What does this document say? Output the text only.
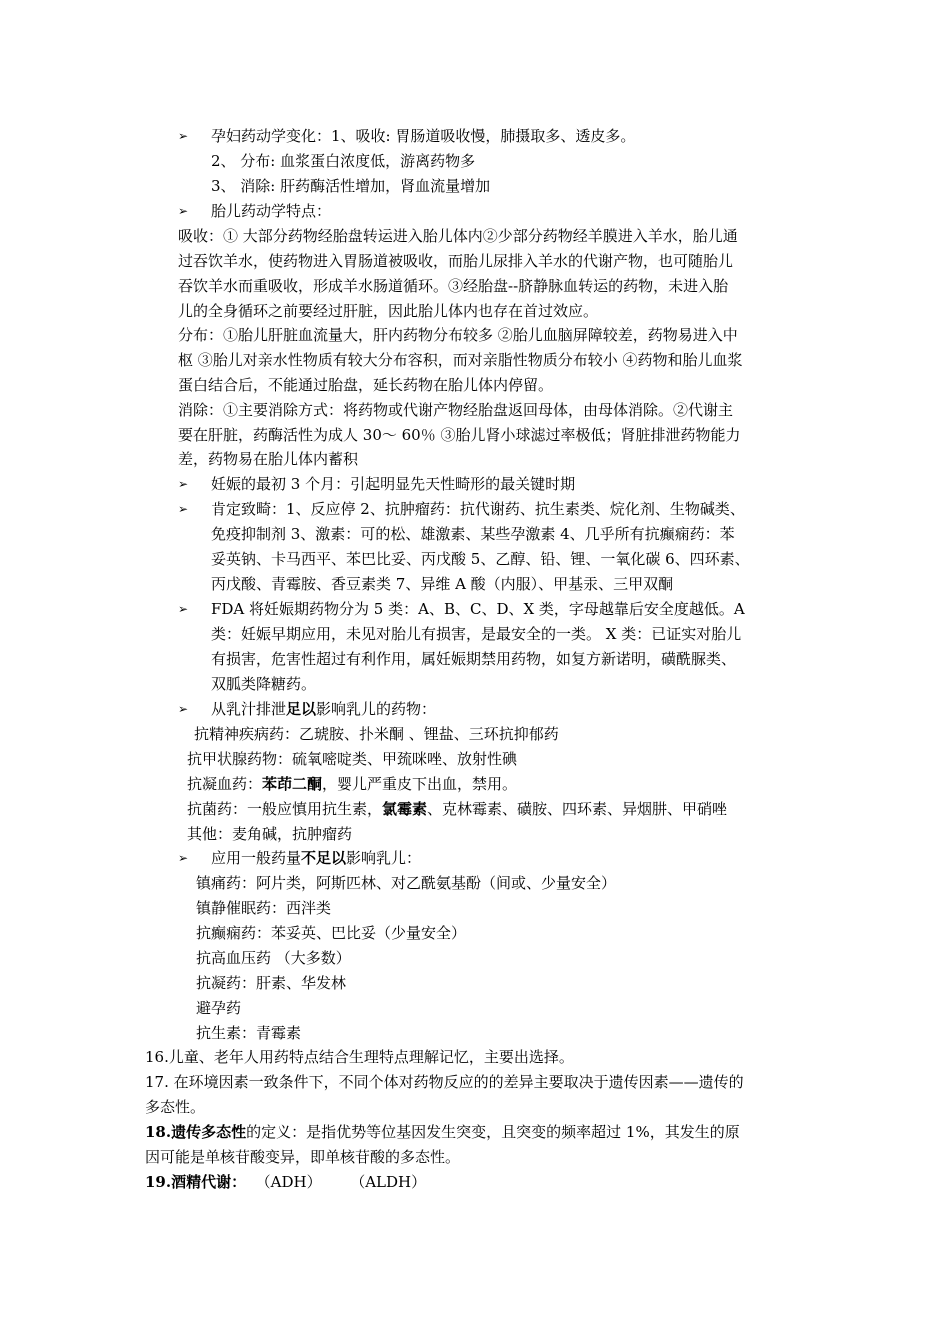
➢
➢
➢
➢
➢
➢
➢
孕妇药动学变化：1、吸收: 胃肠道吸收慢，肺摄取多、透皮多。
2、 分布: 血浆蛋白浓度低，游离药物多
3、 消除: 肝药酶活性增加，肾血流量增加
胎儿药动学特点：
吸收：① 大部分药物经胎盘转运进入胎儿体内②少部分药物经羊膜进入羊水，胎儿通
过吞饮羊水，使药物进入胃肠道被吸收，而胎儿尿排入羊水的代谢产物，也可随胎儿
吞饮羊水而重吸收，形成羊水肠道循环。③经胎盘--脐静脉血转运的药物，未进入胎
儿的全身循环之前要经过肝脏，因此胎儿体内也存在首过效应。
分布：①胎儿肝脏血流量大，肝内药物分布较多 ②胎儿血脑屏障较差，药物易进入中
枢 ③胎儿对亲水性物质有较大分布容积，而对亲脂性物质分布较小 ④药物和胎儿血浆
蛋白结合后，不能通过胎盘，延长药物在胎儿体内停留。
消除：①主要消除方式：将药物或代谢产物经胎盘返回母体，由母体消除。②代谢主
要在肝脏，药酶活性为成人 30～ 60％ ③胎儿肾小球滤过率极低；肾脏排泄药物能力
差，药物易在胎儿体内蓄积
妊娠的最初 3 个月：引起明显先天性畸形的最关键时期
肯定致畸：1、反应停 2、抗肿瘤药：抗代谢药、抗生素类、烷化剂、生物碱类、
免疫抑制剂 3、激素：可的松、雄激素、某些孕激素 4、几乎所有抗癫痫药：苯
妥英钠、卡马西平、苯巴比妥、丙戊酸 5、乙醇、铅、锂、一氧化碳 6、四环素、
丙戊酸、青霉胺、香豆素类 7、异维 A 酸（内服）、甲基汞、三甲双酮
FDA 将妊娠期药物分为 5 类：A、B、C、D、X 类，字母越靠后安全度越低。A
类：妊娠早期应用，未见对胎儿有损害，是最安全的一类。 X 类：已证实对胎儿
有损害，危害性超过有利作用，属妊娠期禁用药物，如复方新诺明，磺酰脲类、
双胍类降糖药。
从乳汁排泄足以影响乳儿的药物：
抗精神疾病药：乙琥胺、扑米酮 、锂盐、三环抗抑郁药
抗甲状腺药物：硫氧嘧啶类、甲巯咪唑、放射性碘
抗凝血药：苯茚二酮，婴儿严重皮下出血，禁用。
抗菌药：一般应慎用抗生素，氯霉素、克林霉素、磺胺、四环素、异烟肼、甲硝唑
其他：麦角碱，抗肿瘤药
应用一般药量不足以影响乳儿：
镇痛药：阿片类，阿斯匹林、对乙酰氨基酚（间或、少量安全）
镇静催眠药：西泮类
抗癫痫药：苯妥英、巴比妥（少量安全）
抗高血压药 （大多数）
抗凝药：肝素、华发林
避孕药
抗生素：青霉素
16.儿童、老年人用药特点结合生理特点理解记忆，主要出选择。
17. 在环境因素一致条件下，不同个体对药物反应的的差异主要取决于遗传因素——遗传的
多态性。
18.遗传多态性的定义：是指优势等位基因发生突变，且突变的频率超过 1%，其发生的原
因可能是单核苷酸变异，即单核苷酸的多态性。
19.酒精代谢：  （ADH）      （ALDH）
